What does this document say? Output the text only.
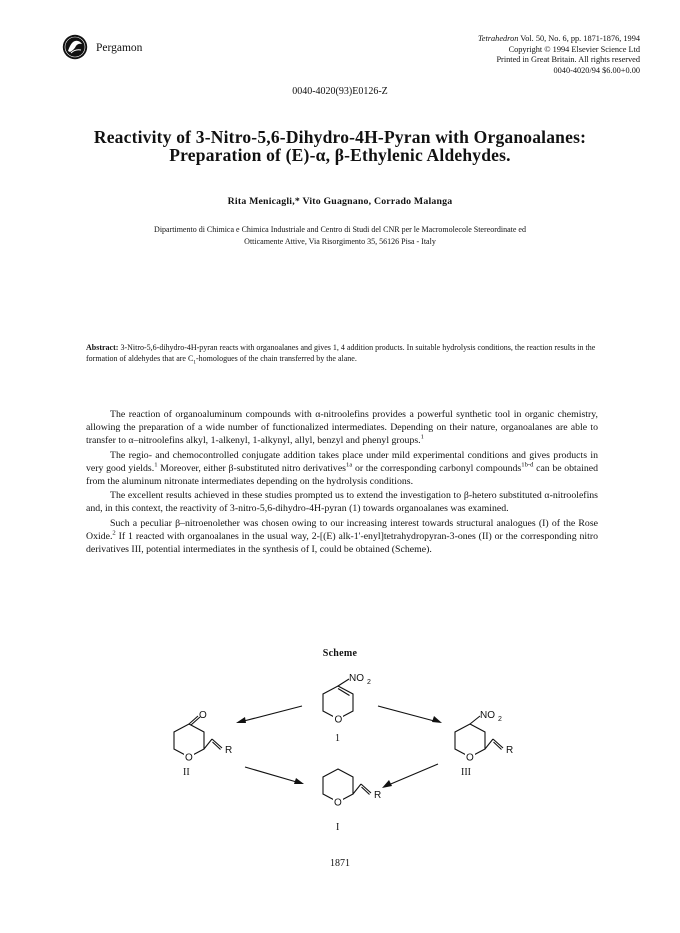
Pergamon
Tetrahedron Vol. 50, No. 6, pp. 1871-1876, 1994
Copyright © 1994 Elsevier Science Ltd
Printed in Great Britain. All rights reserved
0040-4020/94 $6.00+0.00
0040-4020(93)E0126-Z
Reactivity of 3-Nitro-5,6-Dihydro-4H-Pyran with Organoalanes:
Preparation of (E)-α, β-Ethylenic Aldehydes.
Rita Menicagli,* Vito Guagnano, Corrado Malanga
Dipartimento di Chimica e Chimica Industriale and Centro di Studi del CNR per le Macromolecole Stereordinate ed
Otticamente Attive, Via Risorgimento 35, 56126 Pisa - Italy
Abstract: 3-Nitro-5,6-dihydro-4H-pyran reacts with organoalanes and gives 1, 4 addition products. In suitable hydrolysis conditions, the reaction results in the formation of aldehydes that are $C_1$-homologues of the chain transferred by the alane.

The reaction of organoaluminum compounds with α-nitroolefins provides a powerful synthetic tool in organic chemistry, allowing the preparation of a wide number of functionalized intermediates. Depending on their nature, organoalanes are able to transfer to α–nitroolefins alkyl, 1-alkenyl, 1-alkynyl, allyl, benzyl and phenyl groups.$^1$

The regio- and chemocontrolled conjugate addition takes place under mild experimental conditions and gives products in very good yields.$^1$ Moreover, either β-substituted nitro derivatives$^{1a}$ or the corresponding carbonyl compounds$^{1b-d}$ can be obtained from the aluminum nitronate intermediates depending on the hydrolysis conditions.

The excellent results achieved in these studies prompted us to extend the investigation to β-hetero substituted α-nitroolefins and, in this context, the reactivity of 3-nitro-5,6-dihydro-4H-pyran (1) towards organoalanes was examined.

Such a peculiar β–nitroenolether was chosen owing to our increasing interest towards structural analogues (I) of the Rose Oxide.$^2$ If 1 reacted with organoalanes in the usual way, 2-[(E) alk-1'-enyl]tetrahydropyran-3-ones (II) or the corresponding nitro derivatives III, potential intermediates in the synthesis of I, could be obtained (Scheme).

Scheme
NO 2
O
1
O
O
R
II
NO 2
O
R
III
O
R
I
1871
